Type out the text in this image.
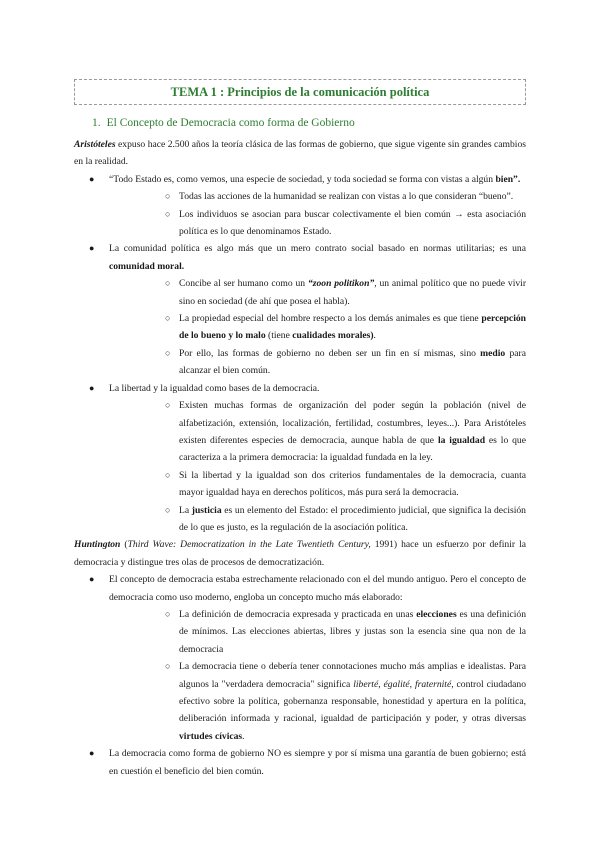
TEMA 1 : Principios de la comunicación política
1. El Concepto de Democracia como forma de Gobierno

Aristóteles expuso hace 2.500 años la teoría clásica de las formas de gobierno, que sigue vigente sin grandes cambios en la realidad.

● “Todo Estado es, como vemos, una especie de sociedad, y toda sociedad se forma con vistas a algún bien”.
○ Todas las acciones de la humanidad se realizan con vistas a lo que consideran “bueno”.
○ Los individuos se asocian para buscar colectivamente el bien común → esta asociación política es lo que denominamos Estado.
● La comunidad política es algo más que un mero contrato social basado en normas utilitarias; es una comunidad moral.
○ Concibe al ser humano como un “zoon politikon”, un animal político que no puede vivir sino en sociedad (de ahí que posea el habla).
○ La propiedad especial del hombre respecto a los demás animales es que tiene percepción de lo bueno y lo malo (tiene cualidades morales).
○ Por ello, las formas de gobierno no deben ser un fin en sí mismas, sino medio para alcanzar el bien común.
● La libertad y la igualdad como bases de la democracia.
○ Existen muchas formas de organización del poder según la población (nivel de alfabetización, extensión, localización, fertilidad, costumbres, leyes...). Para Aristóteles existen diferentes especies de democracia, aunque habla de que la igualdad es lo que caracteriza a la primera democracia: la igualdad fundada en la ley.
○ Si la libertad y la igualdad son dos criterios fundamentales de la democracia, cuanta mayor igualdad haya en derechos políticos, más pura será la democracia.
○ La justicia es un elemento del Estado: el procedimiento judicial, que significa la decisión de lo que es justo, es la regulación de la asociación política.

Huntington (Third Wave: Democratization in the Late Twentieth Century, 1991) hace un esfuerzo por definir la democracia y distingue tres olas de procesos de democratización.

● El concepto de democracia estaba estrechamente relacionado con el del mundo antiguo. Pero el concepto de democracia como uso moderno, engloba un concepto mucho más elaborado:
○ La definición de democracia expresada y practicada en unas elecciones es una definición de mínimos. Las elecciones abiertas, libres y justas son la esencia sine qua non de la democracia
○ La democracia tiene o debería tener connotaciones mucho más amplias e idealistas. Para algunos la "verdadera democracia" significa liberté, égalité, fraternité, control ciudadano efectivo sobre la política, gobernanza responsable, honestidad y apertura en la política, deliberación informada y racional, igualdad de participación y poder, y otras diversas virtudes cívicas.
● La democracia como forma de gobierno NO es siempre y por sí misma una garantía de buen gobierno; está en cuestión el beneficio del bien común.
